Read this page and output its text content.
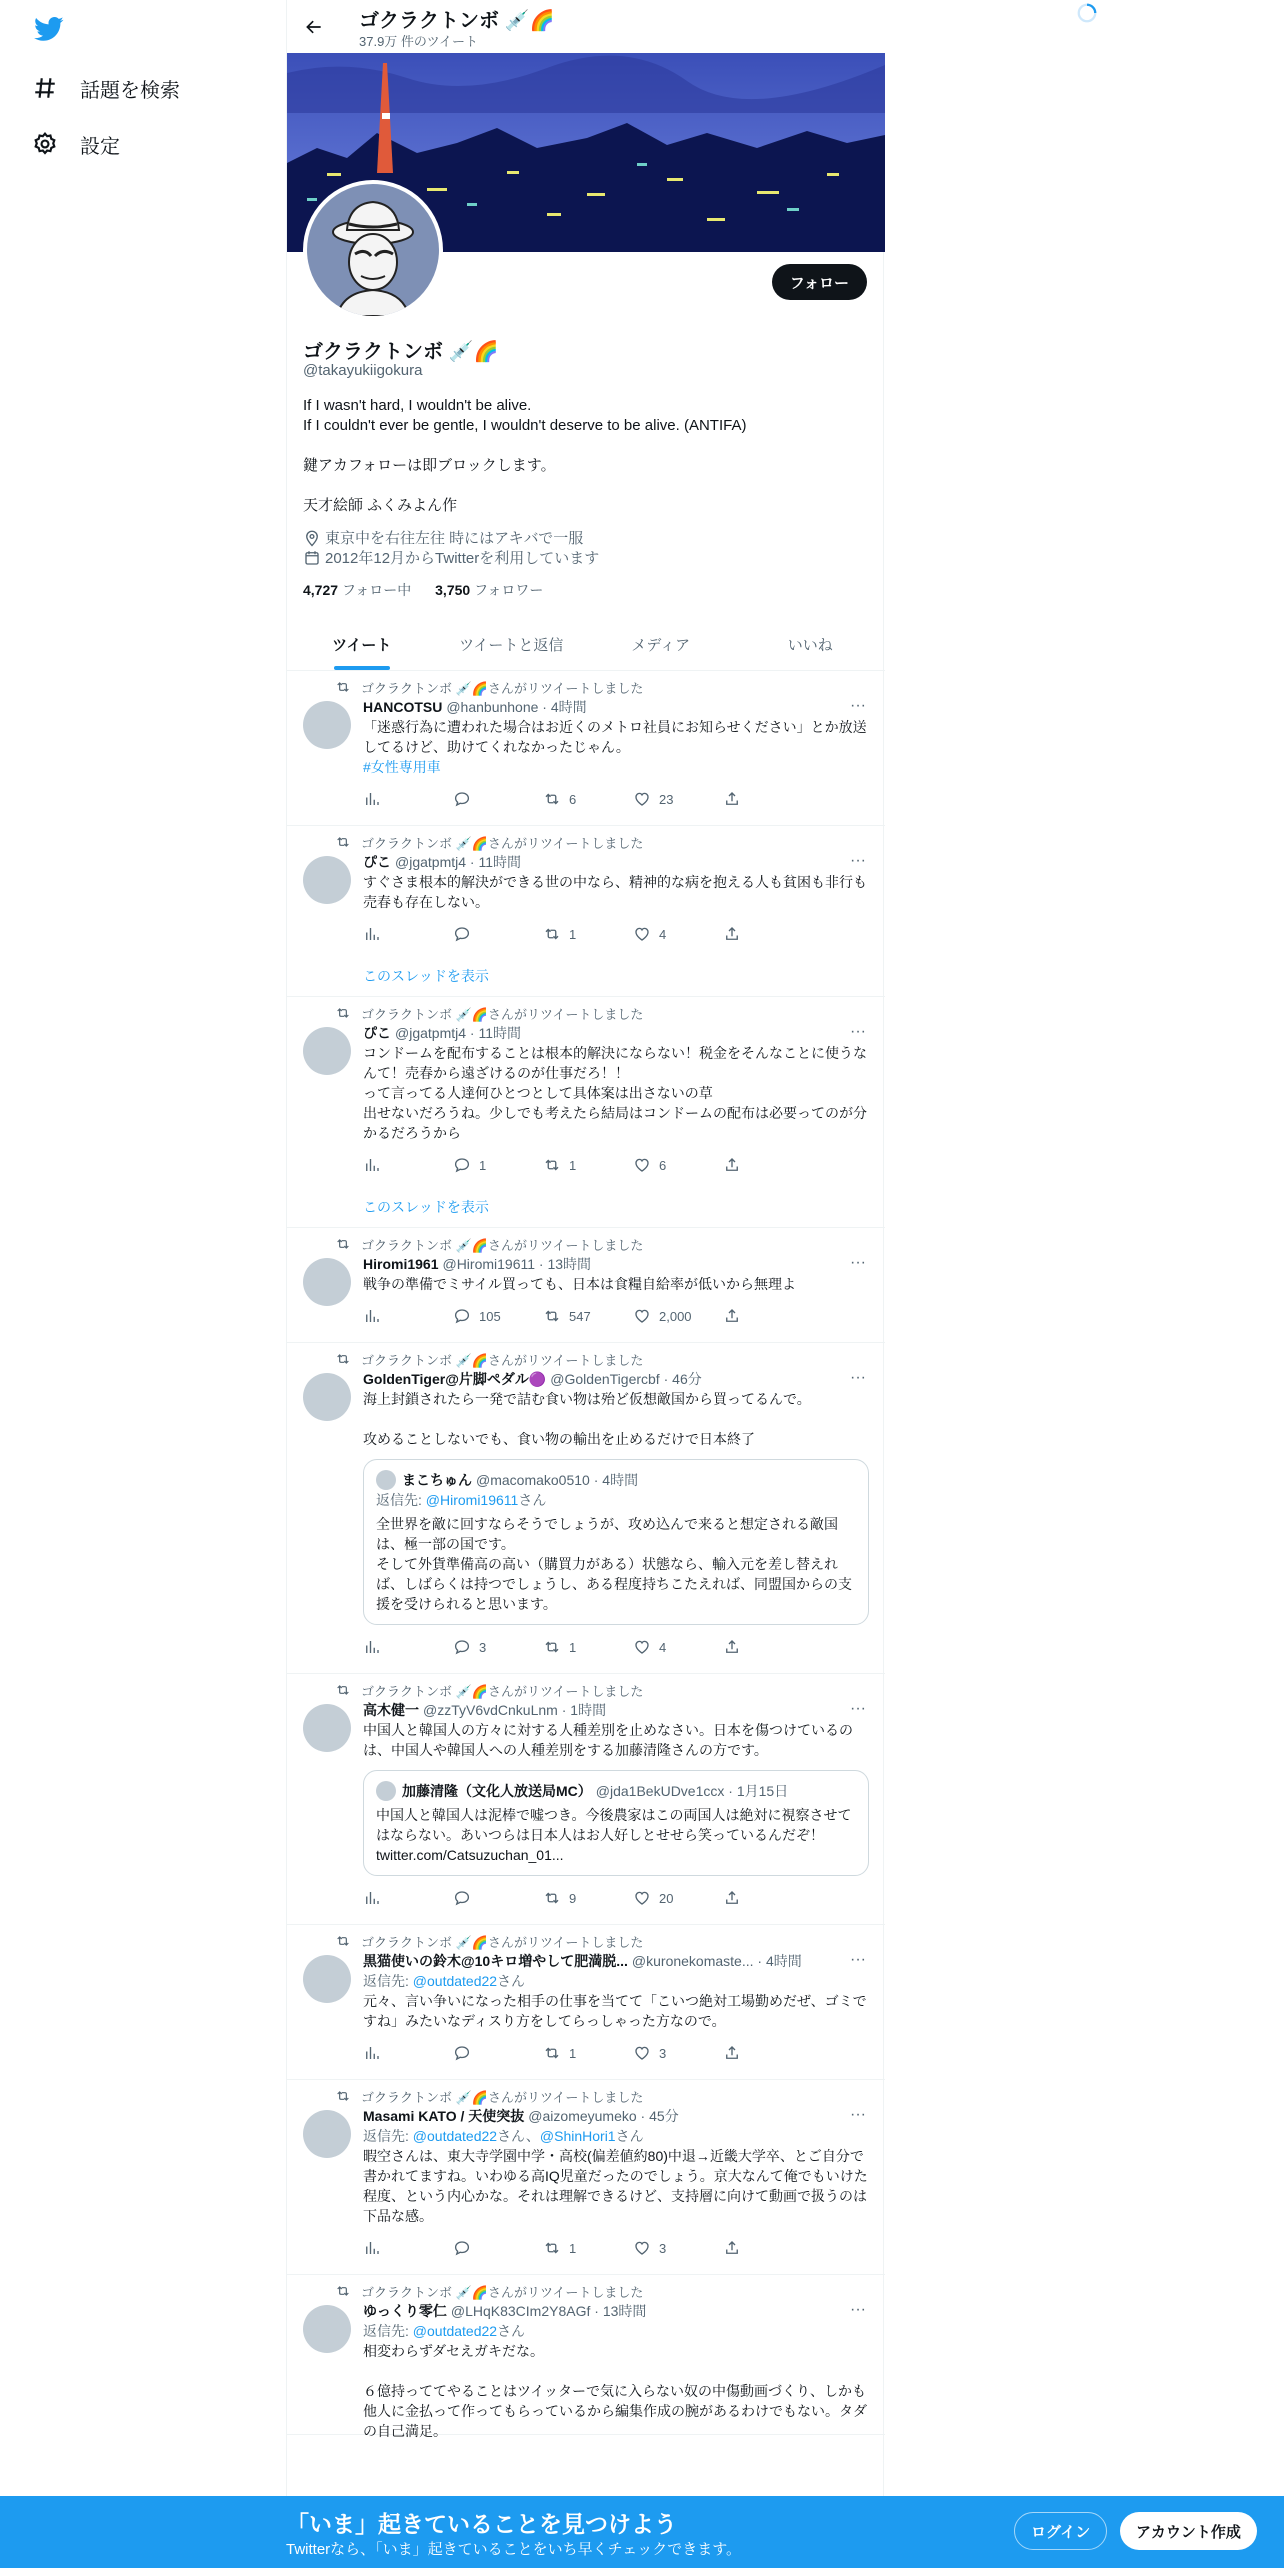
話題を検索
設定
ゴクラクトンボ 💉🌈
37.9万 件のツイート
フォロー
ゴクラクトンボ 💉🌈
@takayukiigokura
If I wasn't hard, I wouldn't be alive.
If I couldn't ever be gentle, I wouldn't deserve to be alive. (ANTIFA)

鍵アカフォローは即ブロックします。

天才絵師 ふくみよん作
東京中を右往左往 時にはアキバで一服
2012年12月からTwitterを利用しています
4,727 フォロー中 3,750 フォロワー
ツイート	ツイートと返信	メディア	いいね
ゴクラクトンボ 💉🌈さんがリツイートしました
···
HANCOTSU @hanbunhone · 4時間
「迷惑行為に遭われた場合はお近くのメトロ社員にお知らせください」とか放送してるけど、助けてくれなかったじゃん。
#女性専用車
6	23
ゴクラクトンボ 💉🌈さんがリツイートしました
···
ぴこ @jgatpmtj4 · 11時間
すぐさま根本的解決ができる世の中なら、精神的な病を抱える人も貧困も非行も売春も存在しない。
1	4
このスレッドを表示
ゴクラクトンボ 💉🌈さんがリツイートしました
···
ぴこ @jgatpmtj4 · 11時間
コンドームを配布することは根本的解決にならない！税金をそんなことに使うなんて！売春から遠ざけるのが仕事だろ！！
って言ってる人達何ひとつとして具体案は出さないの草
出せないだろうね。少しでも考えたら結局はコンドームの配布は必要ってのが分かるだろうから
1	1	6
このスレッドを表示
ゴクラクトンボ 💉🌈さんがリツイートしました
···
Hiromi1961 @Hiromi19611 · 13時間
戦争の準備でミサイル買っても、日本は食糧自給率が低いから無理よ
105	547	2,000
ゴクラクトンボ 💉🌈さんがリツイートしました
···
GoldenTiger@片脚ペダル🟣 @GoldenTigercbf · 46分
海上封鎖されたら一発で詰む食い物は殆ど仮想敵国から買ってるんで。

攻めることしないでも、食い物の輸出を止めるだけで日本終了
まこちゅん @macomako0510 · 4時間
返信先: @Hiromi19611さん
全世界を敵に回すならそうでしょうが、攻め込んで来ると想定される敵国は、極一部の国です。
そして外貨準備高の高い（購買力がある）状態なら、輸入元を差し替えれば、しばらくは持つでしょうし、ある程度持ちこたえれば、同盟国からの支援を受けられると思います。
3	1	4
ゴクラクトンボ 💉🌈さんがリツイートしました
···
高木健一 @zzTyV6vdCnkuLnm · 1時間
中国人と韓国人の方々に対する人種差別を止めなさい。日本を傷つけているのは、中国人や韓国人への人種差別をする加藤清隆さんの方です。
加藤清隆（文化人放送局MC） @jda1BekUDve1ccx · 1月15日
中国人と韓国人は泥棒で嘘つき。今後農家はこの両国人は絶対に視察させてはならない。あいつらは日本人はお人好しとせせら笑っているんだぞ！ twitter.com/Catsuzuchan_01...
9	20
ゴクラクトンボ 💉🌈さんがリツイートしました
···
黒猫使いの鈴木@10キロ増やして肥満脱... @kuronekomaste... · 4時間
返信先: @outdated22さん
元々、言い争いになった相手の仕事を当てて「こいつ絶対工場勤めだぜ、ゴミですね」みたいなディスり方をしてらっしゃった方なので。
1	3
ゴクラクトンボ 💉🌈さんがリツイートしました
···
Masami KATO / 天使突抜 @aizomeyumeko · 45分
返信先: @outdated22さん、@ShinHori1さん
暇空さんは、東大寺学園中学・高校(偏差値約80)中退→近畿大学卒、とご自分で書かれてますね。いわゆる高IQ児童だったのでしょう。京大なんて俺でもいけた程度、という内心かな。それは理解できるけど、支持層に向けて動画で扱うのは下品な感。
1	3
ゴクラクトンボ 💉🌈さんがリツイートしました
···
ゆっくり零仁 @LHqK83CIm2Y8AGf · 13時間
返信先: @outdated22さん
相変わらずダセえガキだな。

６億持っててやることはツイッターで気に入らない奴の中傷動画づくり、しかも他人に金払って作ってもらっているから編集作成の腕があるわけでもない。タダの自己満足。
「いま」起きていることを見つけよう
Twitterなら、「いま」起きていることをいち早くチェックできます。
ログイン	アカウント作成
